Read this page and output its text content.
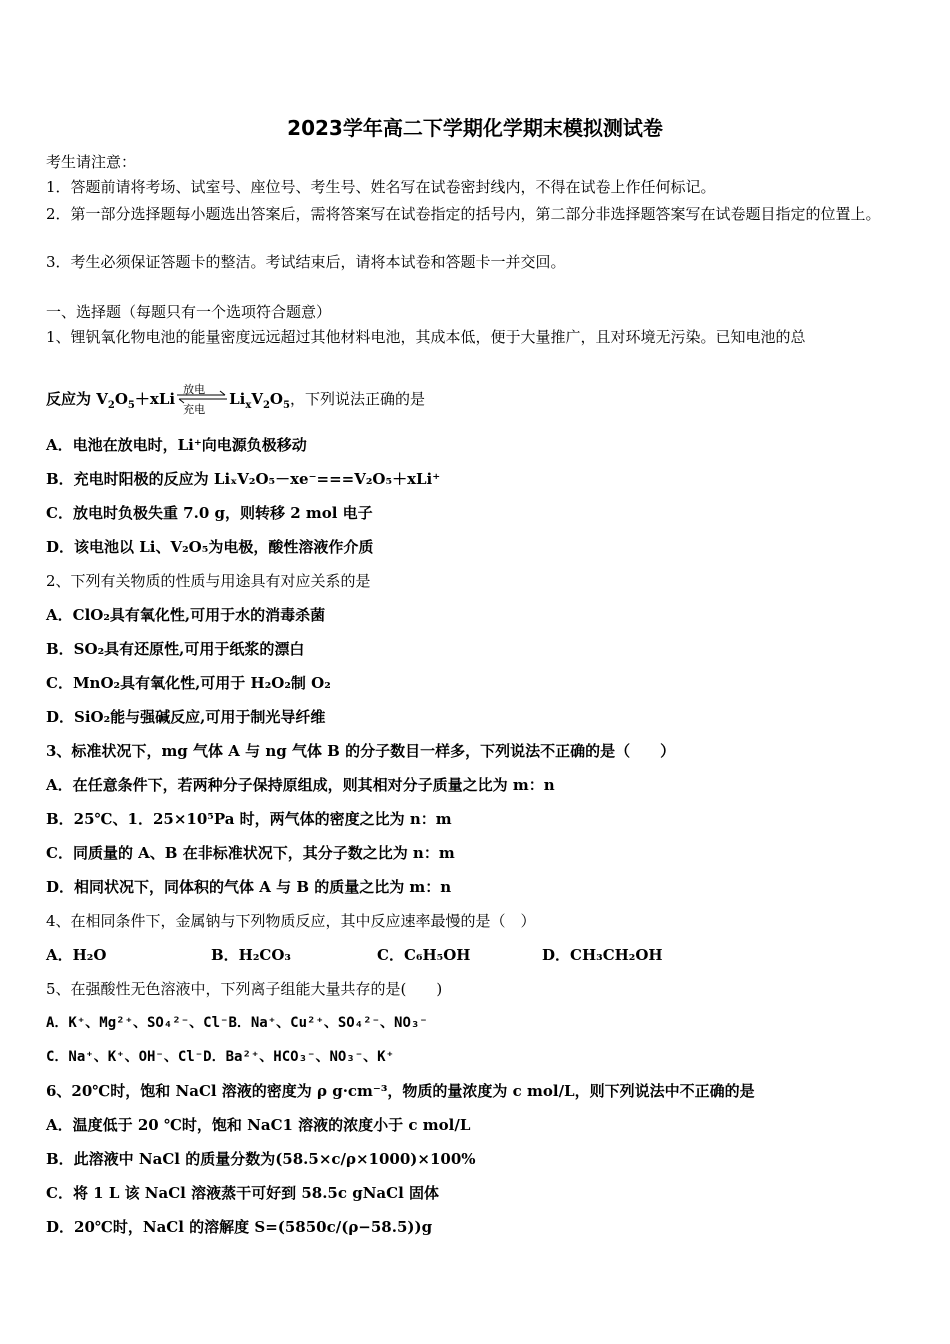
2023学年高二下学期化学期末模拟测试卷
考生请注意：
1．答题前请将考场、试室号、座位号、考生号、姓名写在试卷密封线内，不得在试卷上作任何标记。
2．第一部分选择题每小题选出答案后，需将答案写在试卷指定的括号内，第二部分非选择题答案写在试卷题目指定的位置上。
3．考生必须保证答题卡的整洁。考试结束后，请将本试卷和答题卡一并交回。
一、选择题（每题只有一个选项符合题意）
1、锂钒氧化物电池的能量密度远远超过其他材料电池，其成本低，便于大量推广，且对环境无污染。已知电池的总
反应为 $V_2O_5+xLi$
放电
充电
$Li_xV_2O_5$，下列说法正确的是
A．电池在放电时，Li⁺向电源负极移动
B．充电时阳极的反应为 LiₓV₂O₅－xe⁻===V₂O₅＋xLi⁺
C．放电时负极失重 7.0 g，则转移 2 mol 电子
D．该电池以 Li、V₂O₅为电极，酸性溶液作介质
2、下列有关物质的性质与用途具有对应关系的是
A．ClO₂具有氧化性,可用于水的消毒杀菌
B．SO₂具有还原性,可用于纸浆的漂白
C．MnO₂具有氧化性,可用于 H₂O₂制 O₂
D．SiO₂能与强碱反应,可用于制光导纤维
3、标准状况下，mg 气体 A 与 ng 气体 B 的分子数目一样多，下列说法不正确的是（　　）
A．在任意条件下，若两种分子保持原组成，则其相对分子质量之比为 m：n
B．25℃、1．25×10⁵Pa 时，两气体的密度之比为 n：m
C．同质量的 A、B 在非标准状况下，其分子数之比为 n：m
D．相同状况下，同体积的气体 A 与 B 的质量之比为 m：n
4、在相同条件下，金属钠与下列物质反应，其中反应速率最慢的是（　）
A．H₂O	B．H₂CO₃	C．C₆H₅OH	D．CH₃CH₂OH
5、在强酸性无色溶液中，下列离子组能大量共存的是(　　)
A．K⁺、Mg²⁺、SO₄²⁻、Cl⁻B．Na⁺、Cu²⁺、SO₄²⁻、NO₃⁻
C．Na⁺、K⁺、OH⁻、Cl⁻D．Ba²⁺、HCO₃⁻、NO₃⁻、K⁺
6、20℃时，饱和 NaCl 溶液的密度为 ρ g·cm⁻³，物质的量浓度为 c mol/L，则下列说法中不正确的是
A．温度低于 20 ℃时，饱和 NaC1 溶液的浓度小于 c mol/L
B．此溶液中 NaCl 的质量分数为(58.5×c/ρ×1000)×100%
C．将 1 L 该 NaCl 溶液蒸干可好到 58.5c gNaCl 固体
D．20℃时，NaCl 的溶解度 S=(5850c/(ρ−58.5))g
